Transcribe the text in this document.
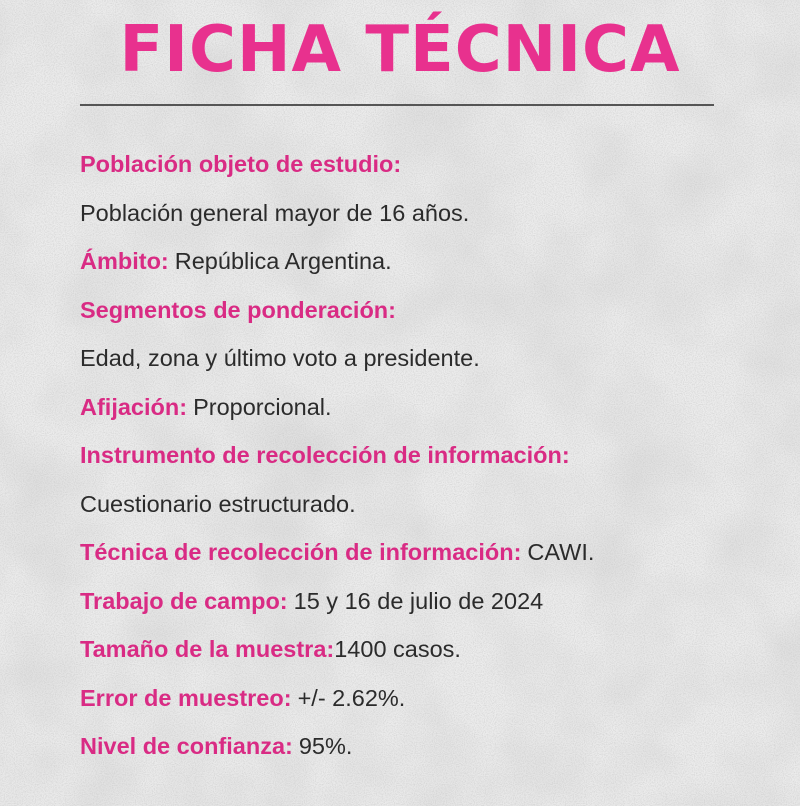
FICHA TÉCNICA
Población objeto de estudio:
Población general mayor de 16 años.
Ámbito: República Argentina.
Segmentos de ponderación:
Edad, zona y último voto a presidente.
Afijación: Proporcional.
Instrumento de recolección de información:
Cuestionario estructurado.
Técnica de recolección de información: CAWI.
Trabajo de campo: 15 y 16 de julio de 2024
Tamaño de la muestra:1400 casos.
Error de muestreo: +/- 2.62%.
Nivel de confianza: 95%.
